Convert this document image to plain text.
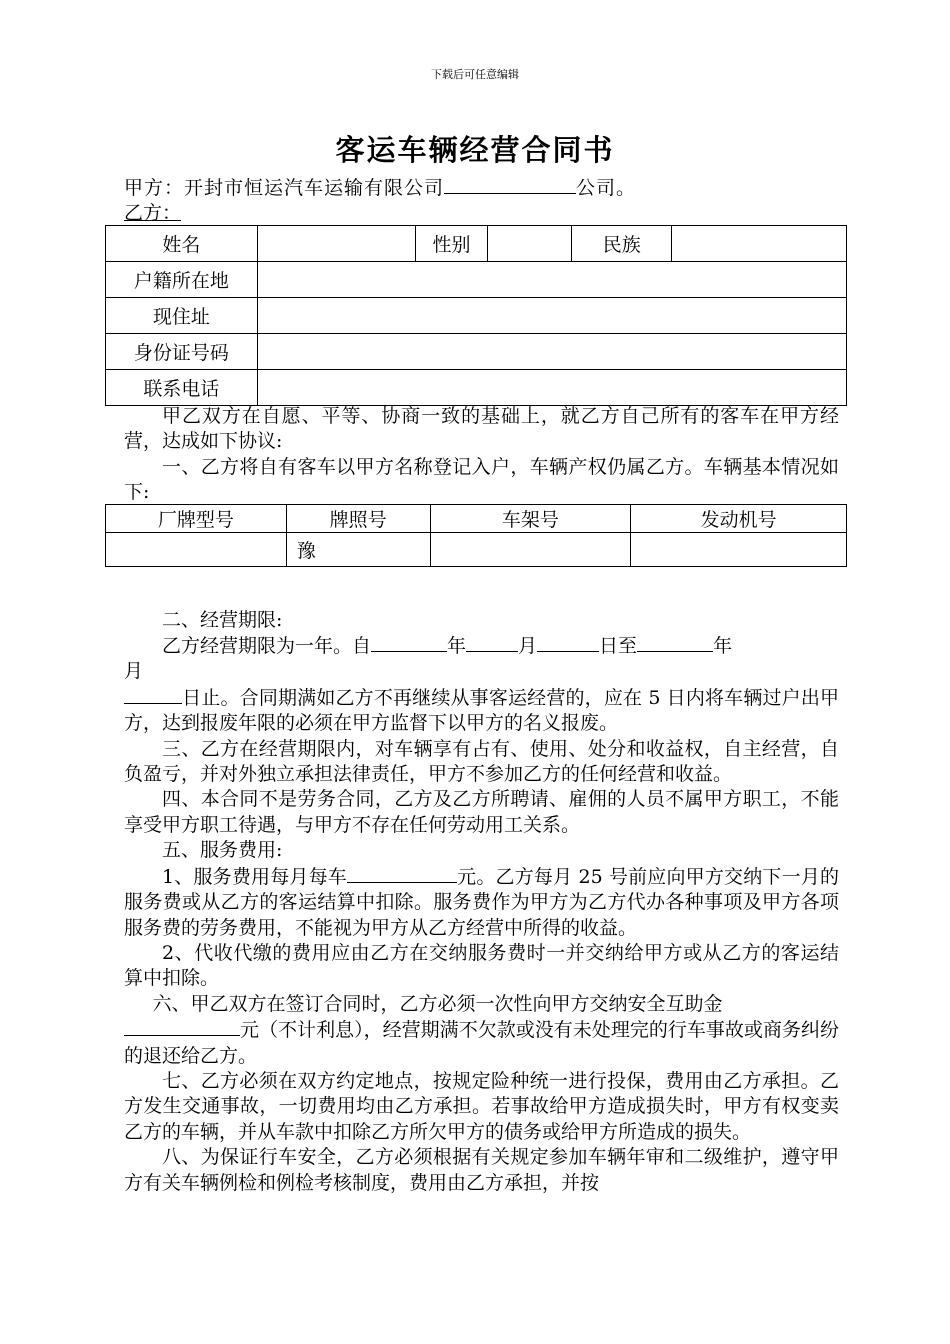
下载后可任意编辑
客运车辆经营合同书
甲方：开封市恒运汽车运输有限公司	公司。
乙方：
姓名		性别		民族	
户籍所在地					
现住址					
身份证号码					
联系电话					

甲乙双方在自愿、平等、协商一致的基础上，就乙方自己所有的客车在甲方经营，达成如下协议:

一、乙方将自有客车以甲方名称登记入户，车辆产权仍属乙方。车辆基本情况如下:

二、经营期限:

乙方经营期限为一年。自	年	月	日至	年
月

日止。合同期满如乙方不再继续从事客运经营的，应在 5 日内将车辆过户出甲方，达到报废年限的必须在甲方监督下以甲方的名义报废。

三、乙方在经营期限内，对车辆享有占有、使用、处分和收益权，自主经营，自负盈亏，并对外独立承担法律责任，甲方不参加乙方的任何经营和收益。

四、本合同不是劳务合同，乙方及乙方所聘请、雇佣的人员不属甲方职工，不能享受甲方职工待遇，与甲方不存在任何劳动用工关系。

五、服务费用:

1、服务费用每月每车	元。乙方每月 25 号前应向甲方交纳下一月的服务费或从乙方的客运结算中扣除。服务费作为甲方为乙方代办各种事项及甲方各项服务费的劳务费用，不能视为甲方从乙方经营中所得的收益。

2、代收代缴的费用应由乙方在交纳服务费时一并交纳给甲方或从乙方的客运结算中扣除。

六、甲乙双方在签订合同时，乙方必须一次性向甲方交纳安全互助金
元（不计利息），经营期满不欠款或没有未处理完的行车事故或商务纠纷的退还给乙方。

七、乙方必须在双方约定地点，按规定险种统一进行投保，费用由乙方承担。乙方发生交通事故，一切费用均由乙方承担。若事故给甲方造成损失时，甲方有权变卖乙方的车辆，并从车款中扣除乙方所欠甲方的债务或给甲方所造成的损失。

八、为保证行车安全，乙方必须根据有关规定参加车辆年审和二级维护，遵守甲方有关车辆例检和例检考核制度，费用由乙方承担，并按

厂牌型号	牌照号	车架号	发动机号
	豫		
